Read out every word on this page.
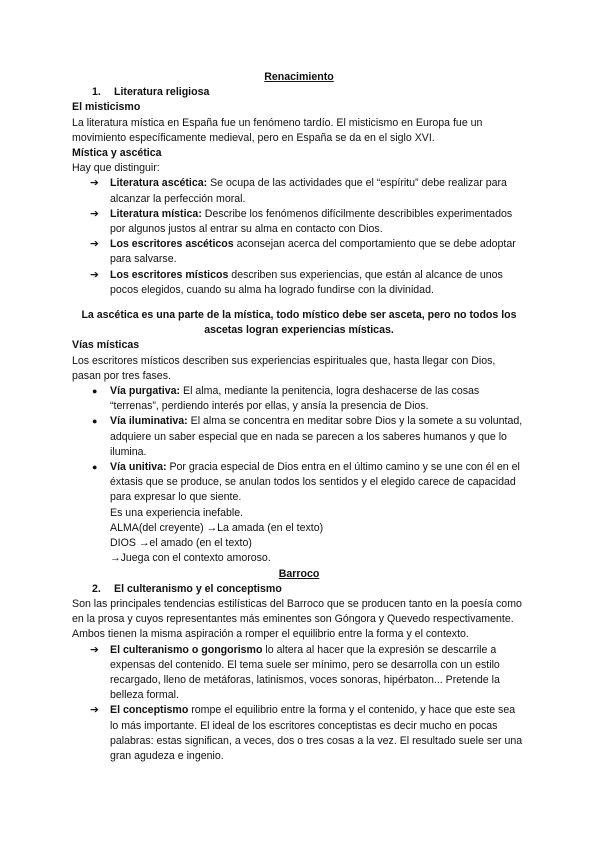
Renacimiento

1. Literatura religiosa

El misticismo

La literatura mística en España fue un fenómeno tardío. El misticismo en Europa fue un movimiento específicamente medieval, pero en España se da en el siglo XVI.

Mística y ascética

Hay que distinguir:

➔ Literatura ascética: Se ocupa de las actividades que el “espíritu” debe realizar para alcanzar la perfección moral.
➔ Literatura mística: Describe los fenómenos difícilmente describibles experimentados por algunos justos al entrar su alma en contacto con Dios.
➔ Los escritores ascéticos aconsejan acerca del comportamiento que se debe adoptar para salvarse.
➔ Los escritores místicos describen sus experiencias, que están al alcance de unos pocos elegidos, cuando su alma ha logrado fundirse con la divinidad.

La ascética es una parte de la mística, todo místico debe ser asceta, pero no todos los ascetas logran experiencias místicas.

Vías místicas

Los escritores místicos describen sus experiencias espirituales que, hasta llegar con Dios, pasan por tres fases.

● Vía purgativa: El alma, mediante la penitencia, logra deshacerse de las cosas “terrenas”, perdiendo interés por ellas, y ansía la presencia de Dios.
● Vía iluminativa: El alma se concentra en meditar sobre Dios y la somete a su voluntad, adquiere un saber especial que en nada se parecen a los saberes humanos y que lo ilumina.
● Vía unitiva: Por gracia especial de Dios entra en el último camino y se une con él en el éxtasis que se produce, se anulan todos los sentidos y el elegido carece de capacidad para expresar lo que siente.

Es una experiencia inefable.

ALMA(del creyente) →La amada (en el texto)

DIOS →el amado (en el texto)

→Juega con el contexto amoroso.

Barroco

2. El culteranismo y el conceptismo

Son las principales tendencias estilísticas del Barroco que se producen tanto en la poesía como en la prosa y cuyos representantes más eminentes son Góngora y Quevedo respectivamente.

Ambos tienen la misma aspiración a romper el equilibrio entre la forma y el contexto.

➔ El culteranismo o gongorismo lo altera al hacer que la expresión se descarrile a expensas del contenido. El tema suele ser mínimo, pero se desarrolla con un estilo recargado, lleno de metáforas, latinismos, voces sonoras, hipérbaton... Pretende la belleza formal.
➔ El conceptismo rompe el equilibrio entre la forma y el contenido, y hace que este sea lo más importante. El ideal de los escritores conceptistas es decir mucho en pocas palabras: estas significan, a veces, dos o tres cosas a la vez. El resultado suele ser una gran agudeza e ingenio.
